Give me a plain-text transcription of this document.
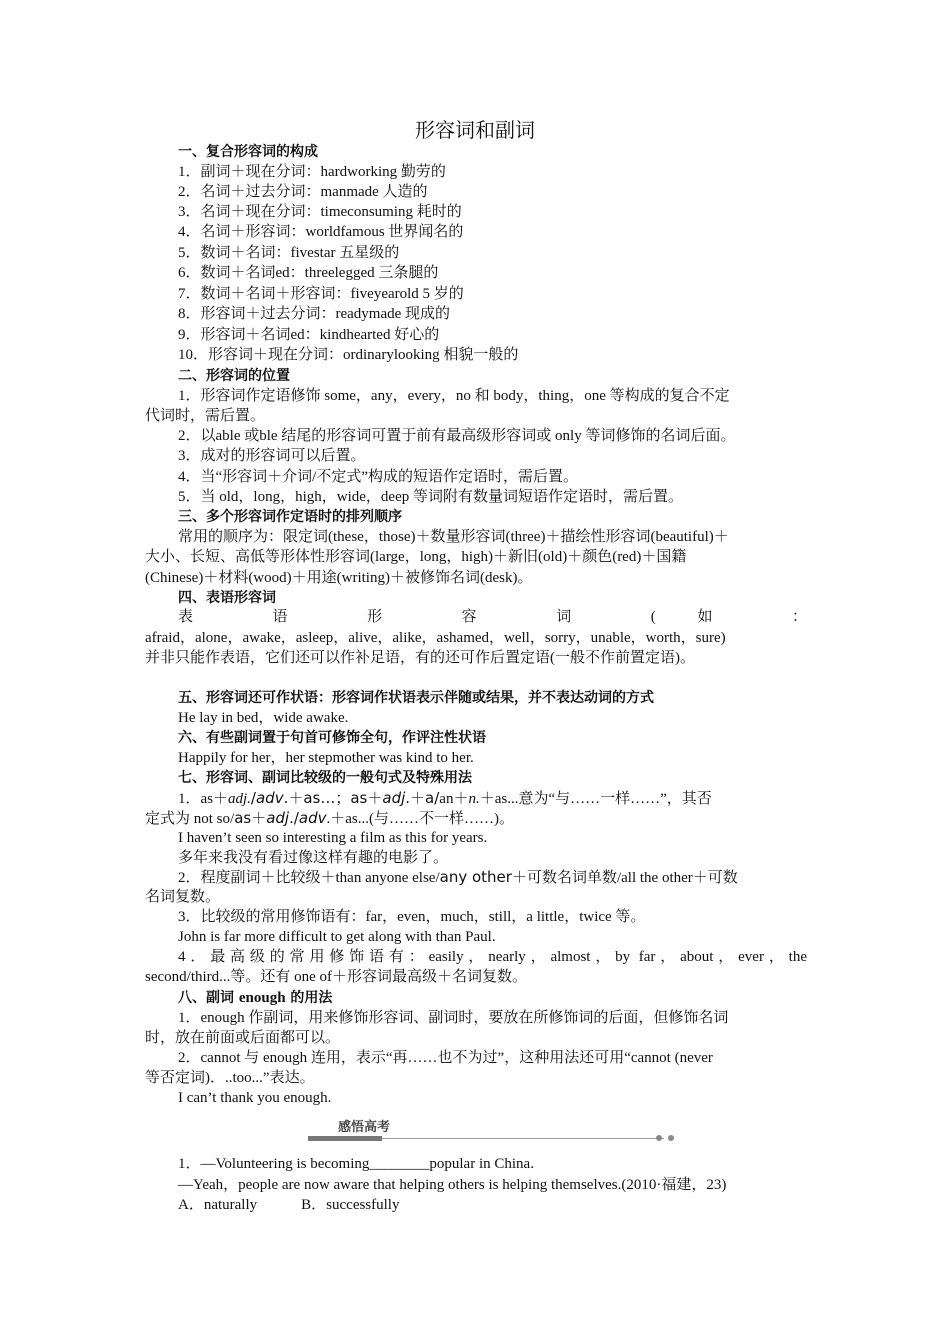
形容词和副词
一、复合形容词的构成
1．副词＋现在分词：hardworking 勤劳的
2．名词＋过去分词：manmade 人造的
3．名词＋现在分词：timeconsuming 耗时的
4．名词＋形容词：worldfamous 世界闻名的
5．数词＋名词：fivestar 五星级的
6．数词＋名词ed：threelegged 三条腿的
7．数词＋名词＋形容词：fiveyearold 5 岁的
8．形容词＋过去分词：readymade 现成的
9．形容词＋名词ed：kindhearted 好心的
10．形容词＋现在分词：ordinarylooking 相貌一般的
二、形容词的位置
1．形容词作定语修饰 some，any，every，no 和 body，thing，one 等构成的复合不定
代词时，需后置。
2．以able 或ble 结尾的形容词可置于前有最高级形容词或 only 等词修饰的名词后面。
3．成对的形容词可以后置。
4．当“形容词＋介词/不定式”构成的短语作定语时，需后置。
5．当 old，long，high，wide，deep 等词附有数量词短语作定语时，需后置。
三、多个形容词作定语时的排列顺序
常用的顺序为：限定词(these，those)＋数量形容词(three)＋描绘性形容词(beautiful)＋
大小、长短、高低等形体性形容词(large，long，high)＋新旧(old)＋颜色(red)＋国籍
(Chinese)＋材料(wood)＋用途(writing)＋被修饰名词(desk)。
四、表语形容词
表 语 形 容 词 ( 如 ：
afraid，alone，awake，asleep，alive，alike，ashamed，well，sorry，unable，worth，sure)
并非只能作表语，它们还可以作补足语，有的还可作后置定语(一般不作前置定语)。
五、形容词还可作状语：形容词作状语表示伴随或结果，并不表达动词的方式
He lay in bed，wide awake.
六、有些副词置于句首可修饰全句，作评注性状语
Happily for her，her stepmother was kind to her.
七、形容词、副词比较级的一般句式及特殊用法
1．as＋adj./adv.＋as…；as＋adj.＋a/an＋n.＋as...意为“与……一样……”，其否
定式为 not so/as＋adj./adv.＋as...(与……不一样……)。
I haven’t seen so interesting a film as this for years.
多年来我没有看过像这样有趣的电影了。
2．程度副词＋比较级＋than anyone else/any other＋可数名词单数/all the other＋可数
名词复数。
3．比较级的常用修饰语有：far，even，much，still，a little，twice 等。
John is far more difficult to get along with than Paul.
4．最高级的常用修饰语有：easily，nearly，almost，by far，about，ever，the
second/third...等。还有 one of＋形容词最高级＋名词复数。
八、副词 enough 的用法
1．enough 作副词，用来修饰形容词、副词时，要放在所修饰词的后面，但修饰名词
时，放在前面或后面都可以。
2．cannot 与 enough 连用，表示“再……也不为过”，这种用法还可用“cannot (never
等否定词)．..too...”表达。
I can’t thank you enough.
感悟高考
1．—Volunteering is becoming________popular in China.
—Yeah，people are now aware that helping others is helping themselves.(2010·福建，23)
A．naturally	B．successfully
